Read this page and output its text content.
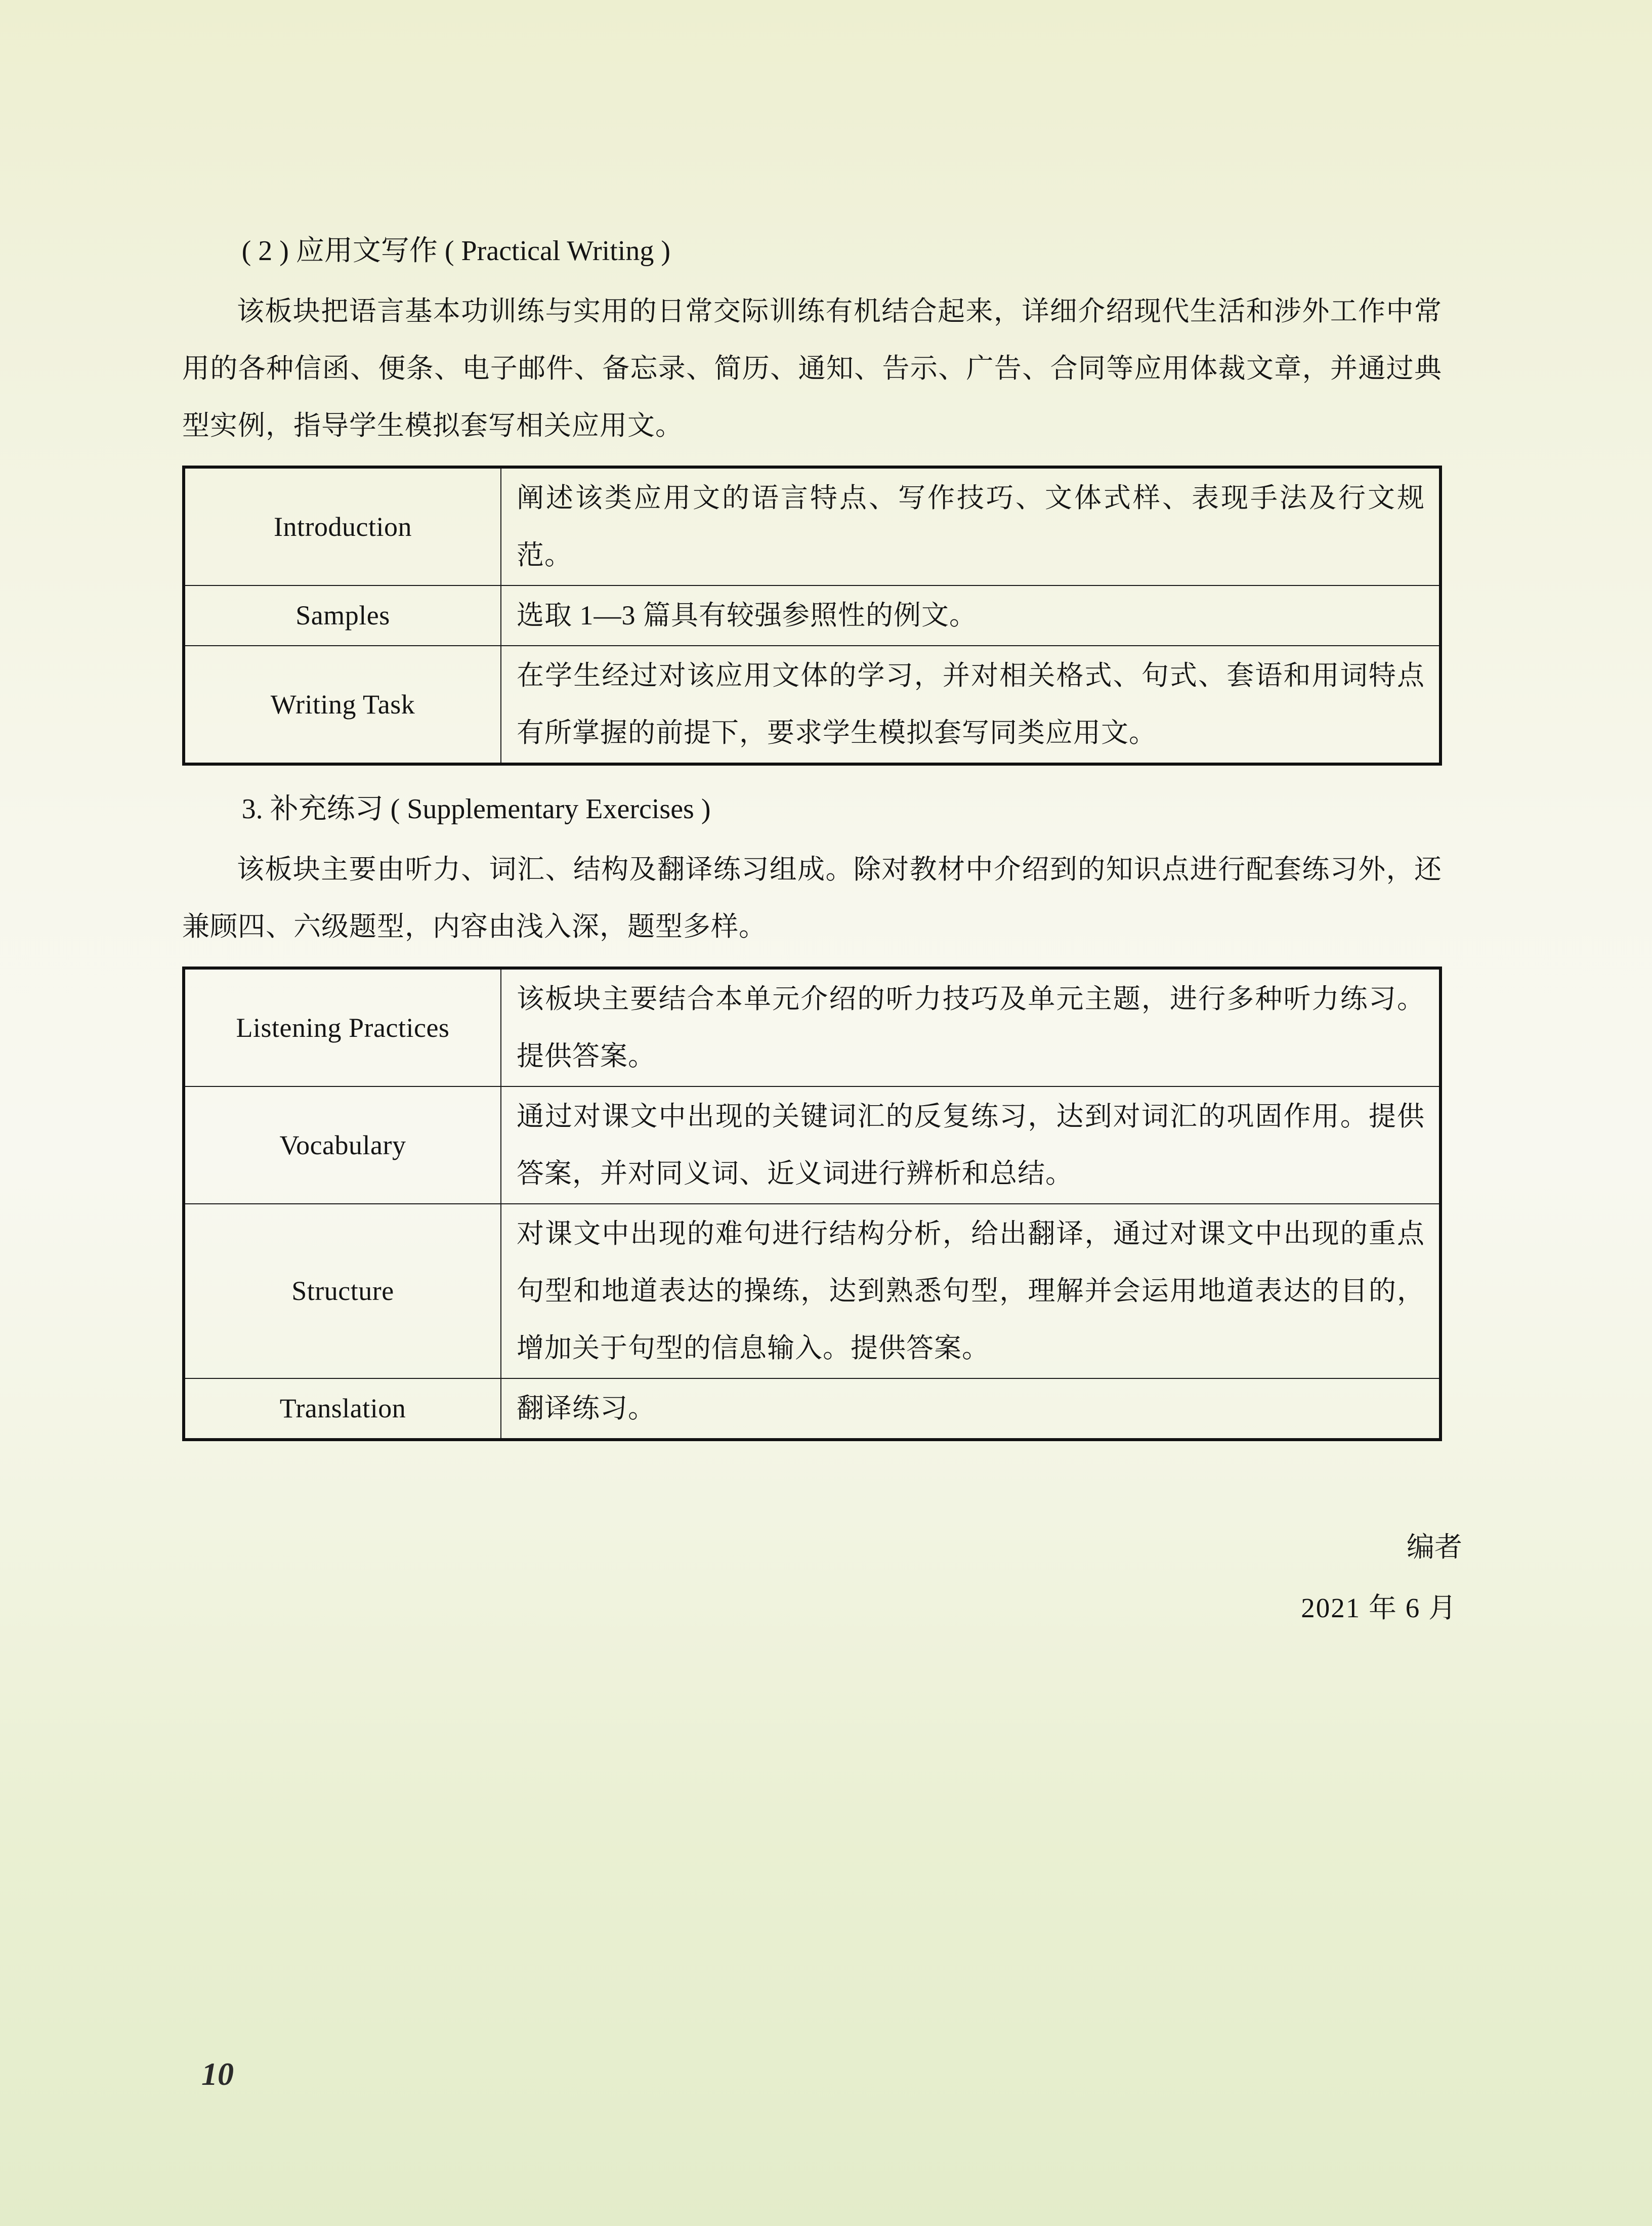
( 2 ) 应用文写作 ( Practical Writing )

该板块把语言基本功训练与实用的日常交际训练有机结合起来，详细介绍现代生活和涉外工作中常用的各种信函、便条、电子邮件、备忘录、简历、通知、告示、广告、合同等应用体裁文章，并通过典型实例，指导学生模拟套写相关应用文。

Introduction	阐述该类应用文的语言特点、写作技巧、文体式样、表现手法及行文规范。
Samples	选取 1—3 篇具有较强参照性的例文。
Writing Task	在学生经过对该应用文体的学习，并对相关格式、句式、套语和用词特点有所掌握的前提下，要求学生模拟套写同类应用文。
3. 补充练习 ( Supplementary Exercises )

该板块主要由听力、词汇、结构及翻译练习组成。除对教材中介绍到的知识点进行配套练习外，还兼顾四、六级题型，内容由浅入深，题型多样。

Listening Practices	该板块主要结合本单元介绍的听力技巧及单元主题，进行多种听力练习。提供答案。
Vocabulary	通过对课文中出现的关键词汇的反复练习，达到对词汇的巩固作用。提供答案，并对同义词、近义词进行辨析和总结。
Structure	对课文中出现的难句进行结构分析，给出翻译，通过对课文中出现的重点句型和地道表达的操练，达到熟悉句型，理解并会运用地道表达的目的，增加关于句型的信息输入。提供答案。
Translation	翻译练习。
编者
2021 年 6 月
10
